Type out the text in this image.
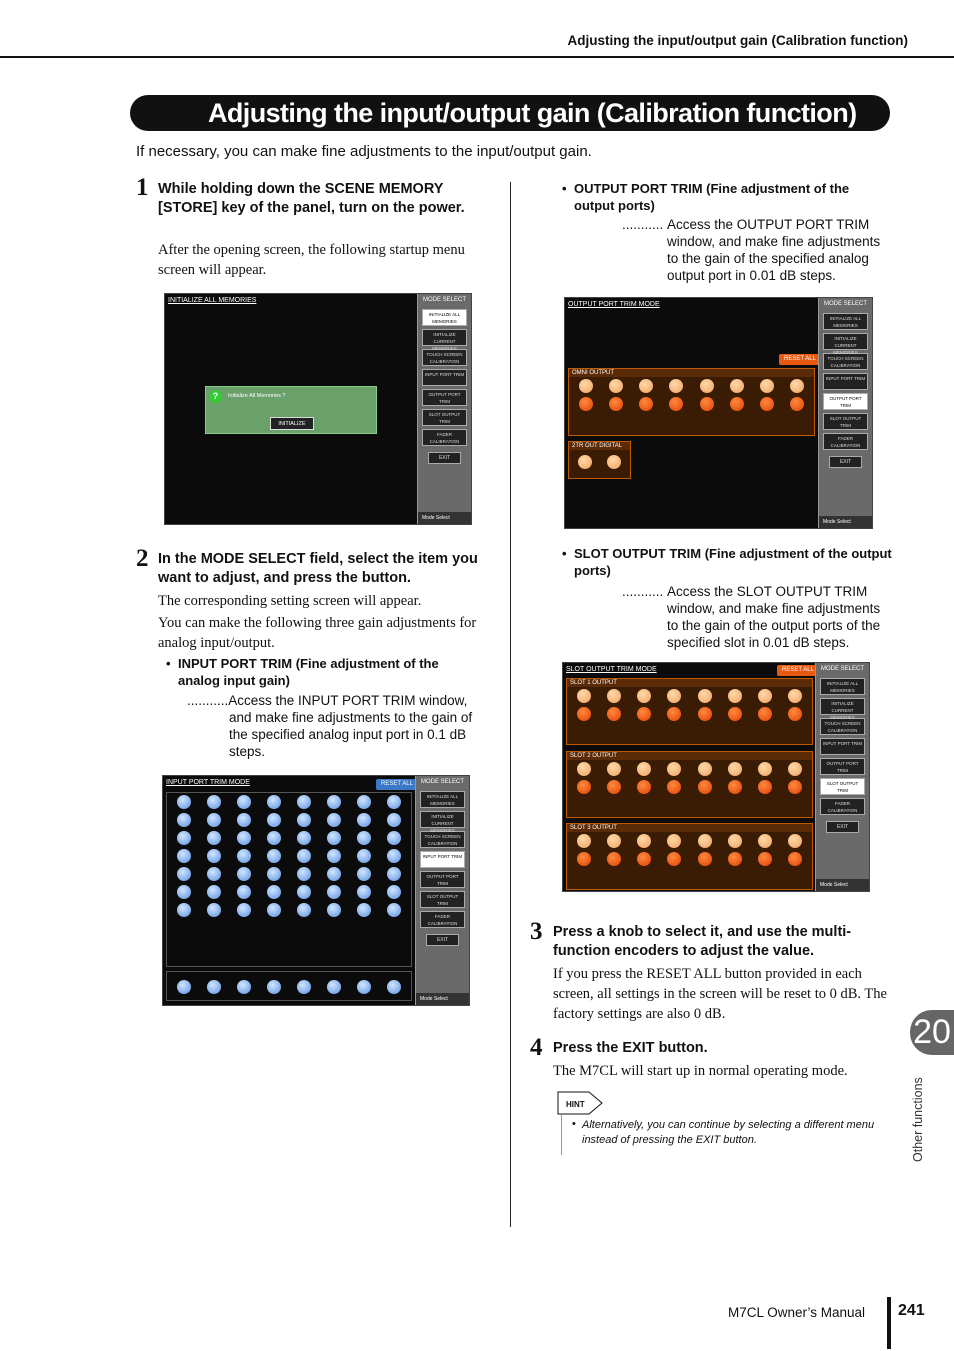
Adjusting the input/output gain (Calibration function)
Adjusting the input/output gain (Calibration function)
If necessary, you can make fine adjustments to the input/output gain.
1 While holding down the SCENE MEMORY [STORE] key of the panel, turn on the power.
After the opening screen, the following startup menu screen will appear.
INITIALIZE ALL MEMORIES
?	Initialize All Memories ?
INITIALIZE
MODE SELECT
INITIALIZE ALL MEMORIES
INITIALIZE CURRENT MEMORIES
TOUCH SCREEN CALIBRATION
INPUT PORT TRIM
OUTPUT PORT TRIM
SLOT OUTPUT TRIM
FADER CALIBRATION
EXIT
Mode Select
2 In the MODE SELECT field, select the item you want to adjust, and press the button.
The corresponding setting screen will appear.
You can make the following three gain adjustments for analog input/output.
• INPUT PORT TRIM (Fine adjustment of the analog input gain)
...........Access the INPUT PORT TRIM window, and make fine adjustments to the gain of the specified analog input port in 0.1 dB steps.
INPUT PORT TRIM MODE	RESET ALL	MODE SELECT
INITIALIZE ALL MEMORIES
INITIALIZE CURRENT MEMORIES
TOUCH SCREEN CALIBRATION
INPUT PORT TRIM
OUTPUT PORT TRIM
SLOT OUTPUT TRIM
FADER CALIBRATION
EXIT
Mode Select
• OUTPUT PORT TRIM (Fine adjustment of the output ports)
........... Access the OUTPUT PORT TRIM window, and make fine adjustments to the gain of the specified analog output port in 0.01 dB steps.
OUTPUT PORT TRIM MODE
RESET ALL
OMNI OUTPUT
2TR OUT DIGITAL
MODE SELECT
INITIALIZE ALL MEMORIES
INITIALIZE CURRENT MEMORIES
TOUCH SCREEN CALIBRATION
INPUT PORT TRIM
OUTPUT PORT TRIM
SLOT OUTPUT TRIM
FADER CALIBRATION
EXIT
Mode Select
• SLOT OUTPUT TRIM (Fine adjustment of the output ports)
........... Access the SLOT OUTPUT TRIM window, and make fine adjustments to the gain of the output ports of the specified slot in 0.01 dB steps.
SLOT OUTPUT TRIM MODE	RESET ALL
SLOT 1 OUTPUT
SLOT 2 OUTPUT
SLOT 3 OUTPUT
MODE SELECT
INITIALIZE ALL MEMORIES
INITIALIZE CURRENT MEMORIES
TOUCH SCREEN CALIBRATION
INPUT PORT TRIM
OUTPUT PORT TRIM
SLOT OUTPUT TRIM
FADER CALIBRATION
EXIT
Mode Select
3 Press a knob to select it, and use the multi-function encoders to adjust the value.
If you press the RESET ALL button provided in each screen, all settings in the screen will be reset to 0 dB. The factory settings are also 0 dB.
4 Press the EXIT button.
The M7CL will start up in normal operating mode.
HINT
• Alternatively, you can continue by selecting a different menu instead of pressing the EXIT button.
20
Other functions
M7CL Owner’s Manual 241
